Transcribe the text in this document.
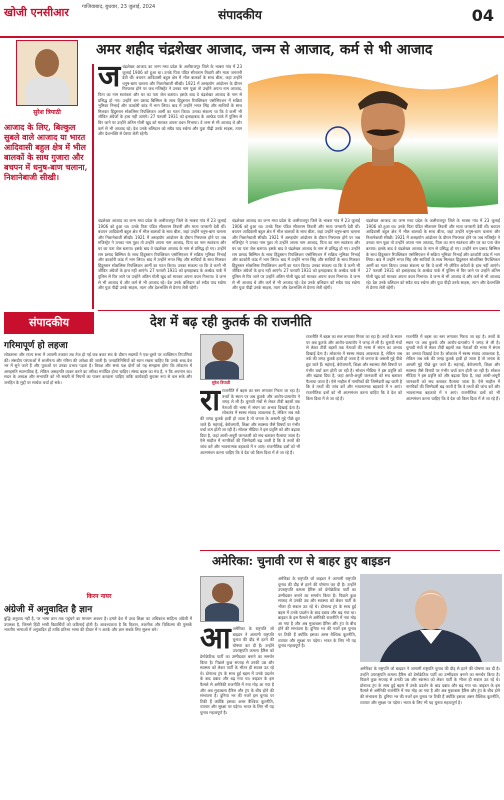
खोजी एनसीआर	गाजियाबाद, बुधवार, 23 जुलाई, 2024
संपादकीय	04
सुरेश त्रिपाठी
आजाद के लिए, बिल्कुल सुबले वाले आजाद या भारत आदिवासी बहुल क्षेत्र में भील बालकों के साथ गुजारा और बचपन में धनुष-बाण चलाना, निशानेबाजी सीखी।
अमर शहीद चंद्रशेखर आजाद, जन्म से आजाद, कर्म से भी आजाद
ज चंद्रशेखर आजाद का जन्म मध्य प्रदेश के अलीराजपुर जिले के भाबरा गांव में 23 जुलाई 1906 को हुआ था। उनके पिता पंडित सीताराम तिवारी और माता जगरानी देवी थीं। बचपन आदिवासी बहुल क्षेत्र में भील बालकों के साथ बीता, जहां उन्होंने धनुष-बाण चलाना और निशानेबाजी सीखी। 1921 में असहयोग आंदोलन के दौरान गिरफ्तार होने पर जब मजिस्ट्रेट ने उनका नाम पूछा तो उन्होंने अपना नाम आजाद, पिता का नाम स्वतंत्रता और घर का पता जेल बताया। इसके बाद वे चंद्रशेखर आजाद के नाम से प्रसिद्ध हो गए। उन्होंने राम प्रसाद बिस्मिल के साथ हिंदुस्तान रिपब्लिकन एसोसिएशन में सक्रिय भूमिका निभाई और काकोरी कांड में भाग लिया। बाद में उन्होंने भगत सिंह और साथियों के साथ मिलकर हिंदुस्तान सोशलिस्ट रिपब्लिकन आर्मी का गठन किया। उनका संकल्प था कि वे कभी भी जीवित अंग्रेजों के हाथ नहीं आएंगे। 27 फरवरी 1931 को इलाहाबाद के अल्फ्रेड पार्क में पुलिस से घिर जाने पर उन्होंने अंतिम गोली खुद को मारकर अपना वचन निभाया। वे जन्म से भी आजाद थे और कर्म से भी आजाद रहे। देश उनके बलिदान को सदैव याद रखेगा और युवा पीढ़ी उनके साहस, त्याग और देशभक्ति से प्रेरणा लेती रहेगी।

चंद्रशेखर आजाद का जन्म मध्य प्रदेश के अलीराजपुर जिले के भाबरा गांव में 23 जुलाई 1906 को हुआ था। उनके पिता पंडित सीताराम तिवारी और माता जगरानी देवी थीं। बचपन आदिवासी बहुल क्षेत्र में भील बालकों के साथ बीता, जहां उन्होंने धनुष-बाण चलाना और निशानेबाजी सीखी। 1921 में असहयोग आंदोलन के दौरान गिरफ्तार होने पर जब मजिस्ट्रेट ने उनका नाम पूछा तो उन्होंने अपना नाम आजाद, पिता का नाम स्वतंत्रता और घर का पता जेल बताया। इसके बाद वे चंद्रशेखर आजाद के नाम से प्रसिद्ध हो गए। उन्होंने राम प्रसाद बिस्मिल के साथ हिंदुस्तान रिपब्लिकन एसोसिएशन में सक्रिय भूमिका निभाई और काकोरी कांड में भाग लिया। बाद में उन्होंने भगत सिंह और साथियों के साथ मिलकर हिंदुस्तान सोशलिस्ट रिपब्लिकन आर्मी का गठन किया। उनका संकल्प था कि वे कभी भी जीवित अंग्रेजों के हाथ नहीं आएंगे। 27 फरवरी 1931 को इलाहाबाद के अल्फ्रेड पार्क में पुलिस से घिर जाने पर उन्होंने अंतिम गोली खुद को मारकर अपना वचन निभाया। वे जन्म से भी आजाद थे और कर्म से भी आजाद रहे। देश उनके बलिदान को सदैव याद रखेगा और युवा पीढ़ी उनके साहस, त्याग और देशभक्ति से प्रेरणा लेती रहेगी।

चंद्रशेखर आजाद का जन्म मध्य प्रदेश के अलीराजपुर जिले के भाबरा गांव में 23 जुलाई 1906 को हुआ था। उनके पिता पंडित सीताराम तिवारी और माता जगरानी देवी थीं। बचपन आदिवासी बहुल क्षेत्र में भील बालकों के साथ बीता, जहां उन्होंने धनुष-बाण चलाना और निशानेबाजी सीखी। 1921 में असहयोग आंदोलन के दौरान गिरफ्तार होने पर जब मजिस्ट्रेट ने उनका नाम पूछा तो उन्होंने अपना नाम आजाद, पिता का नाम स्वतंत्रता और घर का पता जेल बताया। इसके बाद वे चंद्रशेखर आजाद के नाम से प्रसिद्ध हो गए। उन्होंने राम प्रसाद बिस्मिल के साथ हिंदुस्तान रिपब्लिकन एसोसिएशन में सक्रिय भूमिका निभाई और काकोरी कांड में भाग लिया। बाद में उन्होंने भगत सिंह और साथियों के साथ मिलकर हिंदुस्तान सोशलिस्ट रिपब्लिकन आर्मी का गठन किया। उनका संकल्प था कि वे कभी भी जीवित अंग्रेजों के हाथ नहीं आएंगे। 27 फरवरी 1931 को इलाहाबाद के अल्फ्रेड पार्क में पुलिस से घिर जाने पर उन्होंने अंतिम गोली खुद को मारकर अपना वचन निभाया। वे जन्म से भी आजाद थे और कर्म से भी आजाद रहे। देश उनके बलिदान को सदैव याद रखेगा और युवा पीढ़ी उनके साहस, त्याग और देशभक्ति से प्रेरणा लेती रहेगी।

चंद्रशेखर आजाद का जन्म मध्य प्रदेश के अलीराजपुर जिले के भाबरा गांव में 23 जुलाई 1906 को हुआ था। उनके पिता पंडित सीताराम तिवारी और माता जगरानी देवी थीं। बचपन आदिवासी बहुल क्षेत्र में भील बालकों के साथ बीता, जहां उन्होंने धनुष-बाण चलाना और निशानेबाजी सीखी। 1921 में असहयोग आंदोलन के दौरान गिरफ्तार होने पर जब मजिस्ट्रेट ने उनका नाम पूछा तो उन्होंने अपना नाम आजाद, पिता का नाम स्वतंत्रता और घर का पता जेल बताया। इसके बाद वे चंद्रशेखर आजाद के नाम से प्रसिद्ध हो गए। उन्होंने राम प्रसाद बिस्मिल के साथ हिंदुस्तान रिपब्लिकन एसोसिएशन में सक्रिय भूमिका निभाई और काकोरी कांड में भाग लिया। बाद में उन्होंने भगत सिंह और साथियों के साथ मिलकर हिंदुस्तान सोशलिस्ट रिपब्लिकन आर्मी का गठन किया। उनका संकल्प था कि वे कभी भी जीवित अंग्रेजों के हाथ नहीं आएंगे। 27 फरवरी 1931 को इलाहाबाद के अल्फ्रेड पार्क में पुलिस से घिर जाने पर उन्होंने अंतिम गोली खुद को मारकर अपना वचन निभाया। वे जन्म से भी आजाद थे और कर्म से भी आजाद रहे। देश उनके बलिदान को सदैव याद रखेगा और युवा पीढ़ी उनके साहस, त्याग और देशभक्ति से प्रेरणा लेती रहेगी।

संपादकीय
गरिमापूर्ण हो लहजा

लोकसभा और राज्य सभा में आपसी तकरार तब तेज हो गई जब बजट सत्र के दौरान सदस्यों ने एक-दूसरे पर व्यक्तिगत टिप्पणियां कीं। संसदीय परंपराओं में शालीनता और गरिमा की अपेक्षा की जाती है। जनप्रतिनिधियों को ध्यान रखना चाहिए कि उनके शब्द देश भर में सुने जाते हैं और युवाओं पर उनका प्रभाव पड़ता है। विपक्ष और सत्ता पक्ष दोनों को यह समझना होगा कि लोकतंत्र में असहमति स्वाभाविक है, लेकिन असहमति व्यक्त करने का तरीका मर्यादित होना चाहिए। संसद बहस का मंच है, न कि अपमान का। सदन के अध्यक्ष और सभापति को भी सख्ती से नियमों का पालन करवाना चाहिए ताकि कार्यवाही सुचारू रूप से चल सके और जनहित के मुद्दों पर सार्थक चर्चा हो सके।

देश में बढ़ रही कुतर्क की राजनीति
सुरेश त्रिपाठी
रा राजनीति में बहस का स्तर लगातार गिरता जा रहा है। तथ्यों के स्थान पर अब कुतर्क और आरोप-प्रत्यारोप ने जगह ले ली है। चुनावी मंचों से लेकर टीवी बहसों तक नेताओं की भाषा में संयम का अभाव दिखाई देता है। लोकतंत्र में स्वस्थ संवाद आवश्यक है, लेकिन जब तर्क की जगह कुतर्क हावी हो जाता है तो जनता के असली मुद्दे पीछे छूट जाते हैं। महंगाई, बेरोजगारी, शिक्षा और स्वास्थ्य जैसे विषयों पर गंभीर चर्चा कम होती जा रही है। सोशल मीडिया ने इस प्रवृत्ति को और बढ़ावा दिया है, जहां आधी-अधूरी जानकारी को सच बताकर फैलाया जाता है। ऐसे माहौल में नागरिकों की जिम्मेदारी बढ़ जाती है कि वे तथ्यों की जांच करें और भावनात्मक बहकावे में न आएं। राजनीतिक दलों को भी आत्ममंथन करना चाहिए कि वे देश को किस दिशा में ले जा रहे हैं।

राजनीति में बहस का स्तर लगातार गिरता जा रहा है। तथ्यों के स्थान पर अब कुतर्क और आरोप-प्रत्यारोप ने जगह ले ली है। चुनावी मंचों से लेकर टीवी बहसों तक नेताओं की भाषा में संयम का अभाव दिखाई देता है। लोकतंत्र में स्वस्थ संवाद आवश्यक है, लेकिन जब तर्क की जगह कुतर्क हावी हो जाता है तो जनता के असली मुद्दे पीछे छूट जाते हैं। महंगाई, बेरोजगारी, शिक्षा और स्वास्थ्य जैसे विषयों पर गंभीर चर्चा कम होती जा रही है। सोशल मीडिया ने इस प्रवृत्ति को और बढ़ावा दिया है, जहां आधी-अधूरी जानकारी को सच बताकर फैलाया जाता है। ऐसे माहौल में नागरिकों की जिम्मेदारी बढ़ जाती है कि वे तथ्यों की जांच करें और भावनात्मक बहकावे में न आएं। राजनीतिक दलों को भी आत्ममंथन करना चाहिए कि वे देश को किस दिशा में ले जा रहे हैं।

राजनीति में बहस का स्तर लगातार गिरता जा रहा है। तथ्यों के स्थान पर अब कुतर्क और आरोप-प्रत्यारोप ने जगह ले ली है। चुनावी मंचों से लेकर टीवी बहसों तक नेताओं की भाषा में संयम का अभाव दिखाई देता है। लोकतंत्र में स्वस्थ संवाद आवश्यक है, लेकिन जब तर्क की जगह कुतर्क हावी हो जाता है तो जनता के असली मुद्दे पीछे छूट जाते हैं। महंगाई, बेरोजगारी, शिक्षा और स्वास्थ्य जैसे विषयों पर गंभीर चर्चा कम होती जा रही है। सोशल मीडिया ने इस प्रवृत्ति को और बढ़ावा दिया है, जहां आधी-अधूरी जानकारी को सच बताकर फैलाया जाता है। ऐसे माहौल में नागरिकों की जिम्मेदारी बढ़ जाती है कि वे तथ्यों की जांच करें और भावनात्मक बहकावे में न आएं। राजनीतिक दलों को भी आत्ममंथन करना चाहिए कि वे देश को किस दिशा में ले जा रहे हैं।

किरन नायर
अंग्रेजी में अनुवादित है ज्ञान

बुद्धि अनुवाद नहीं है, पर भाषा ज्ञान तक पहुंचने का माध्यम अवश्य है। हमारे देश में उच्च शिक्षा का अधिकांश साहित्य अंग्रेजी में उपलब्ध है, जिससे हिंदी भाषी विद्यार्थियों को कठिनाई होती है। आवश्यकता है कि विज्ञान, तकनीक और चिकित्सा की पुस्तकें भारतीय भाषाओं में अनुवादित हों ताकि प्रतिभा भाषा की दीवार में न अटके और ज्ञान सबके लिए सुलभ बने।

अमेरिका: चुनावी रण से बाहर हुए बाइडन
आ अमेरिका के राष्ट्रपति जो बाइडन ने आगामी राष्ट्रपति चुनाव की दौड़ से हटने की घोषणा कर दी है। उन्होंने उपराष्ट्रपति कमला हैरिस को डेमोक्रेटिक पार्टी का उम्मीदवार बनाने का समर्थन किया है। पिछले कुछ सप्ताह से उनकी उम्र और स्वास्थ्य को लेकर पार्टी के भीतर ही सवाल उठ रहे थे। डोनाल्ड ट्रंप के साथ हुई बहस में उनके प्रदर्शन के बाद दबाव और बढ़ गया था। बाइडन के इस फैसले से अमेरिकी राजनीति में नया मोड़ आ गया है और अब मुकाबला हैरिस और ट्रंप के बीच होने की संभावना है। दुनिया भर की नजरें इस चुनाव पर टिकी हैं क्योंकि इसका असर वैश्विक कूटनीति, व्यापार और सुरक्षा पर पड़ेगा। भारत के लिए भी यह चुनाव महत्वपूर्ण है।

अमेरिका के राष्ट्रपति जो बाइडन ने आगामी राष्ट्रपति चुनाव की दौड़ से हटने की घोषणा कर दी है। उन्होंने उपराष्ट्रपति कमला हैरिस को डेमोक्रेटिक पार्टी का उम्मीदवार बनाने का समर्थन किया है। पिछले कुछ सप्ताह से उनकी उम्र और स्वास्थ्य को लेकर पार्टी के भीतर ही सवाल उठ रहे थे। डोनाल्ड ट्रंप के साथ हुई बहस में उनके प्रदर्शन के बाद दबाव और बढ़ गया था। बाइडन के इस फैसले से अमेरिकी राजनीति में नया मोड़ आ गया है और अब मुकाबला हैरिस और ट्रंप के बीच होने की संभावना है। दुनिया भर की नजरें इस चुनाव पर टिकी हैं क्योंकि इसका असर वैश्विक कूटनीति, व्यापार और सुरक्षा पर पड़ेगा। भारत के लिए भी यह चुनाव महत्वपूर्ण है।

अमेरिका के राष्ट्रपति जो बाइडन ने आगामी राष्ट्रपति चुनाव की दौड़ से हटने की घोषणा कर दी है। उन्होंने उपराष्ट्रपति कमला हैरिस को डेमोक्रेटिक पार्टी का उम्मीदवार बनाने का समर्थन किया है। पिछले कुछ सप्ताह से उनकी उम्र और स्वास्थ्य को लेकर पार्टी के भीतर ही सवाल उठ रहे थे। डोनाल्ड ट्रंप के साथ हुई बहस में उनके प्रदर्शन के बाद दबाव और बढ़ गया था। बाइडन के इस फैसले से अमेरिकी राजनीति में नया मोड़ आ गया है और अब मुकाबला हैरिस और ट्रंप के बीच होने की संभावना है। दुनिया भर की नजरें इस चुनाव पर टिकी हैं क्योंकि इसका असर वैश्विक कूटनीति, व्यापार और सुरक्षा पर पड़ेगा। भारत के लिए भी यह चुनाव महत्वपूर्ण है।
